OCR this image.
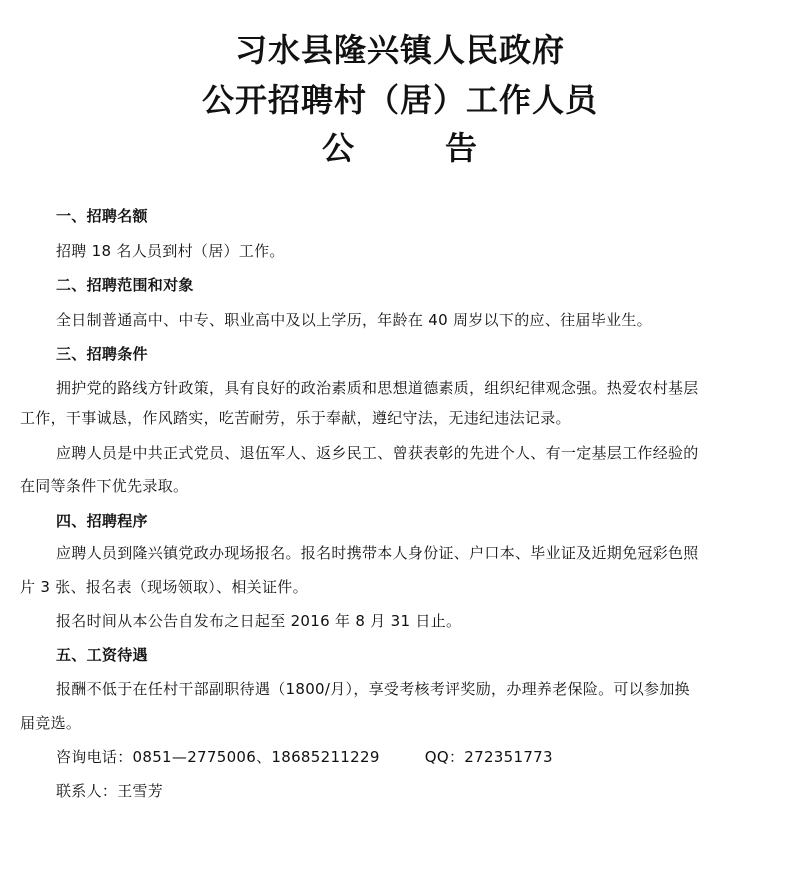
习水县隆兴镇人民政府
公开招聘村（居）工作人员
公	告
一、招聘名额
招聘 18 名人员到村（居）工作。
二、招聘范围和对象
全日制普通高中、中专、职业高中及以上学历，年龄在 40 周岁以下的应、往届毕业生。
三、招聘条件
拥护党的路线方针政策，具有良好的政治素质和思想道德素质，组织纪律观念强。热爱农村基层
工作，干事诚恳，作风踏实，吃苦耐劳，乐于奉献，遵纪守法，无违纪违法记录。
应聘人员是中共正式党员、退伍军人、返乡民工、曾获表彰的先进个人、有一定基层工作经验的
在同等条件下优先录取。
四、招聘程序
应聘人员到隆兴镇党政办现场报名。报名时携带本人身份证、户口本、毕业证及近期免冠彩色照
片 3 张、报名表（现场领取）、相关证件。
报名时间从本公告自发布之日起至 2016 年 8 月 31 日止。
五、工资待遇
报酬不低于在任村干部副职待遇（1800/月），享受考核考评奖励，办理养老保险。可以参加换
届竞选。
咨询电话：0851—2775006、18685211229	QQ：272351773
联系人：王雪芳
